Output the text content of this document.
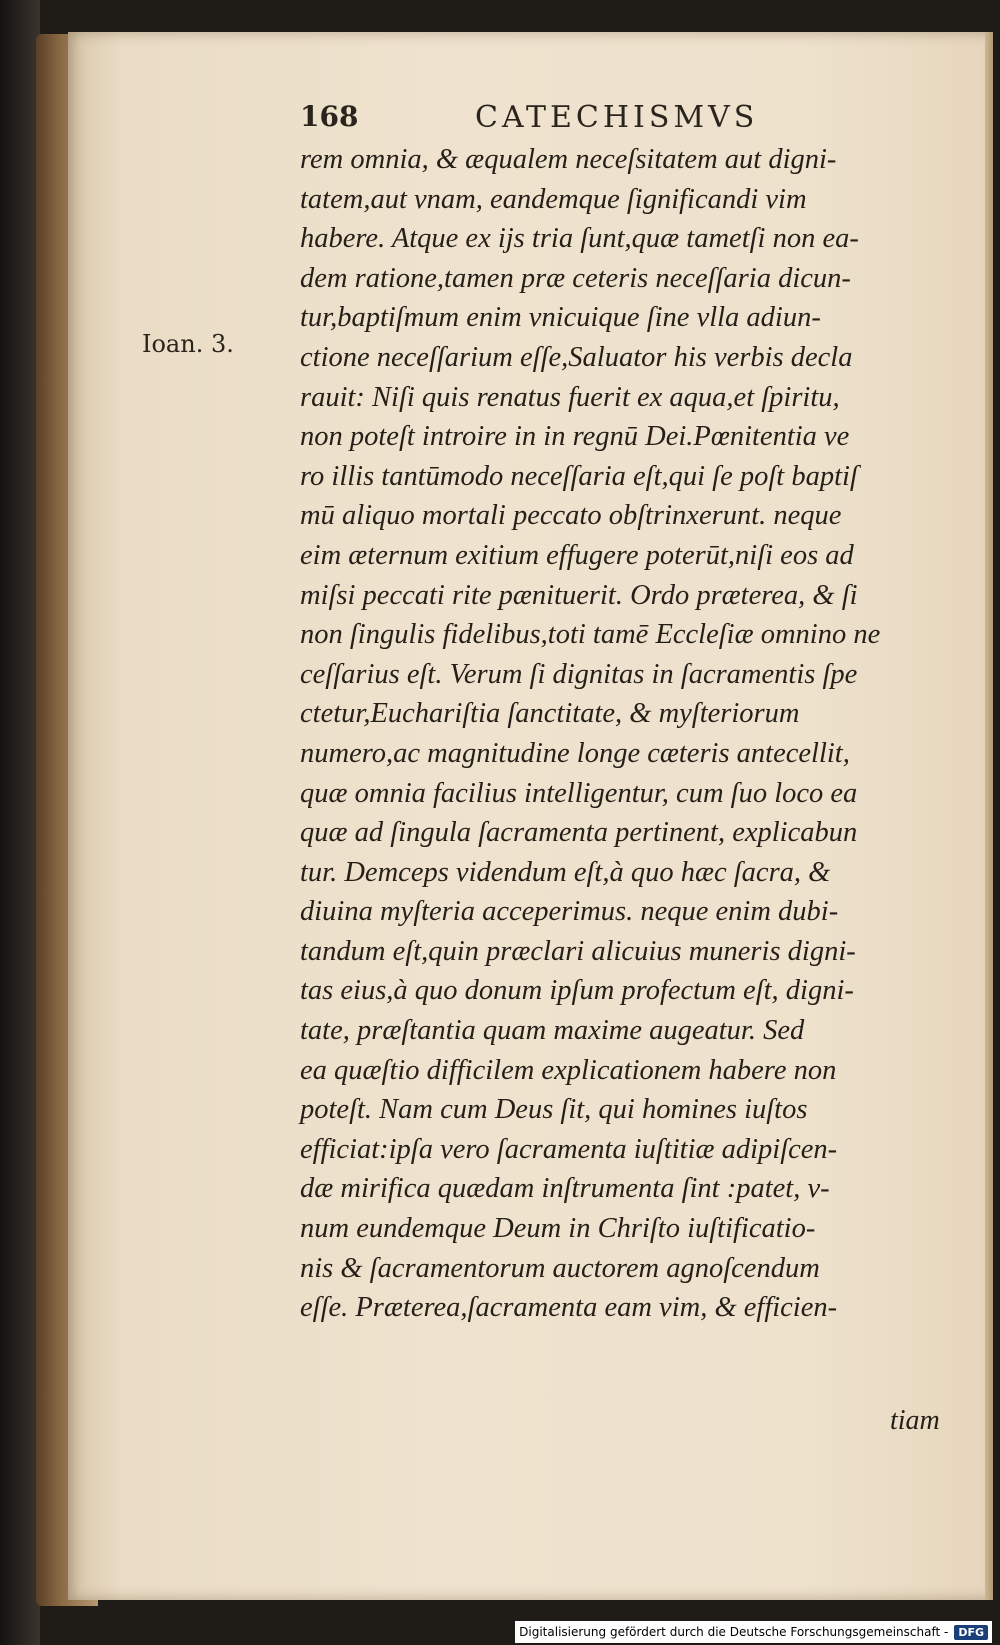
168	CATECHISMVS
Ioan. 3.
rem omnia, & æqualem neceſsitatem aut digni-
tatem,aut vnam, eandemque ſignificandi vim
habere. Atque ex ijs tria ſunt,quæ tametſi non ea-
dem ratione,tamen præ ceteris neceſſaria dicun-
tur,baptiſmum enim vnicuique ſine vlla adiun-
ctione neceſſarium eſſe,Saluator his verbis decla
rauit: Niſi quis renatus fuerit ex aqua,et ſpiritu,
non poteſt introire in in regnū Dei.Pœnitentia ve
ro illis tantūmodo neceſſaria eſt,qui ſe poſt baptiſ
mū aliquo mortali peccato obſtrinxerunt. neque
eim æternum exitium effugere poterūt,niſi eos ad
miſsi peccati rite pænituerit. Ordo præterea, & ſi
non ſingulis fidelibus,toti tamē Eccleſiæ omnino ne
ceſſarius eſt. Verum ſi dignitas in ſacramentis ſpe
ctetur,Euchariſtia ſanctitate, & myſteriorum
numero,ac magnitudine longe cæteris antecellit,
quæ omnia facilius intelligentur, cum ſuo loco ea
quæ ad ſingula ſacramenta pertinent, explicabun
tur. Demceps videndum eſt,à quo hæc ſacra, &
diuina myſteria acceperimus. neque enim dubi-
tandum eſt,quin præclari alicuius muneris digni-
tas eius,à quo donum ipſum profectum eſt, digni-
tate, præſtantia quam maxime augeatur. Sed
ea quæſtio difficilem explicationem habere non
poteſt. Nam cum Deus ſit, qui homines iuſtos
efficiat:ipſa vero ſacramenta iuſtitiæ adipiſcen-
dæ mirifica quædam inſtrumenta ſint :patet, v-
num eundemque Deum in Chriſto iuſtificatio-
nis & ſacramentorum auctorem agnoſcendum
eſſe. Præterea,ſacramenta eam vim, & efficien-
tiam
Digitalisierung gefördert durch die Deutsche Forschungsgemeinschaft - DFG
